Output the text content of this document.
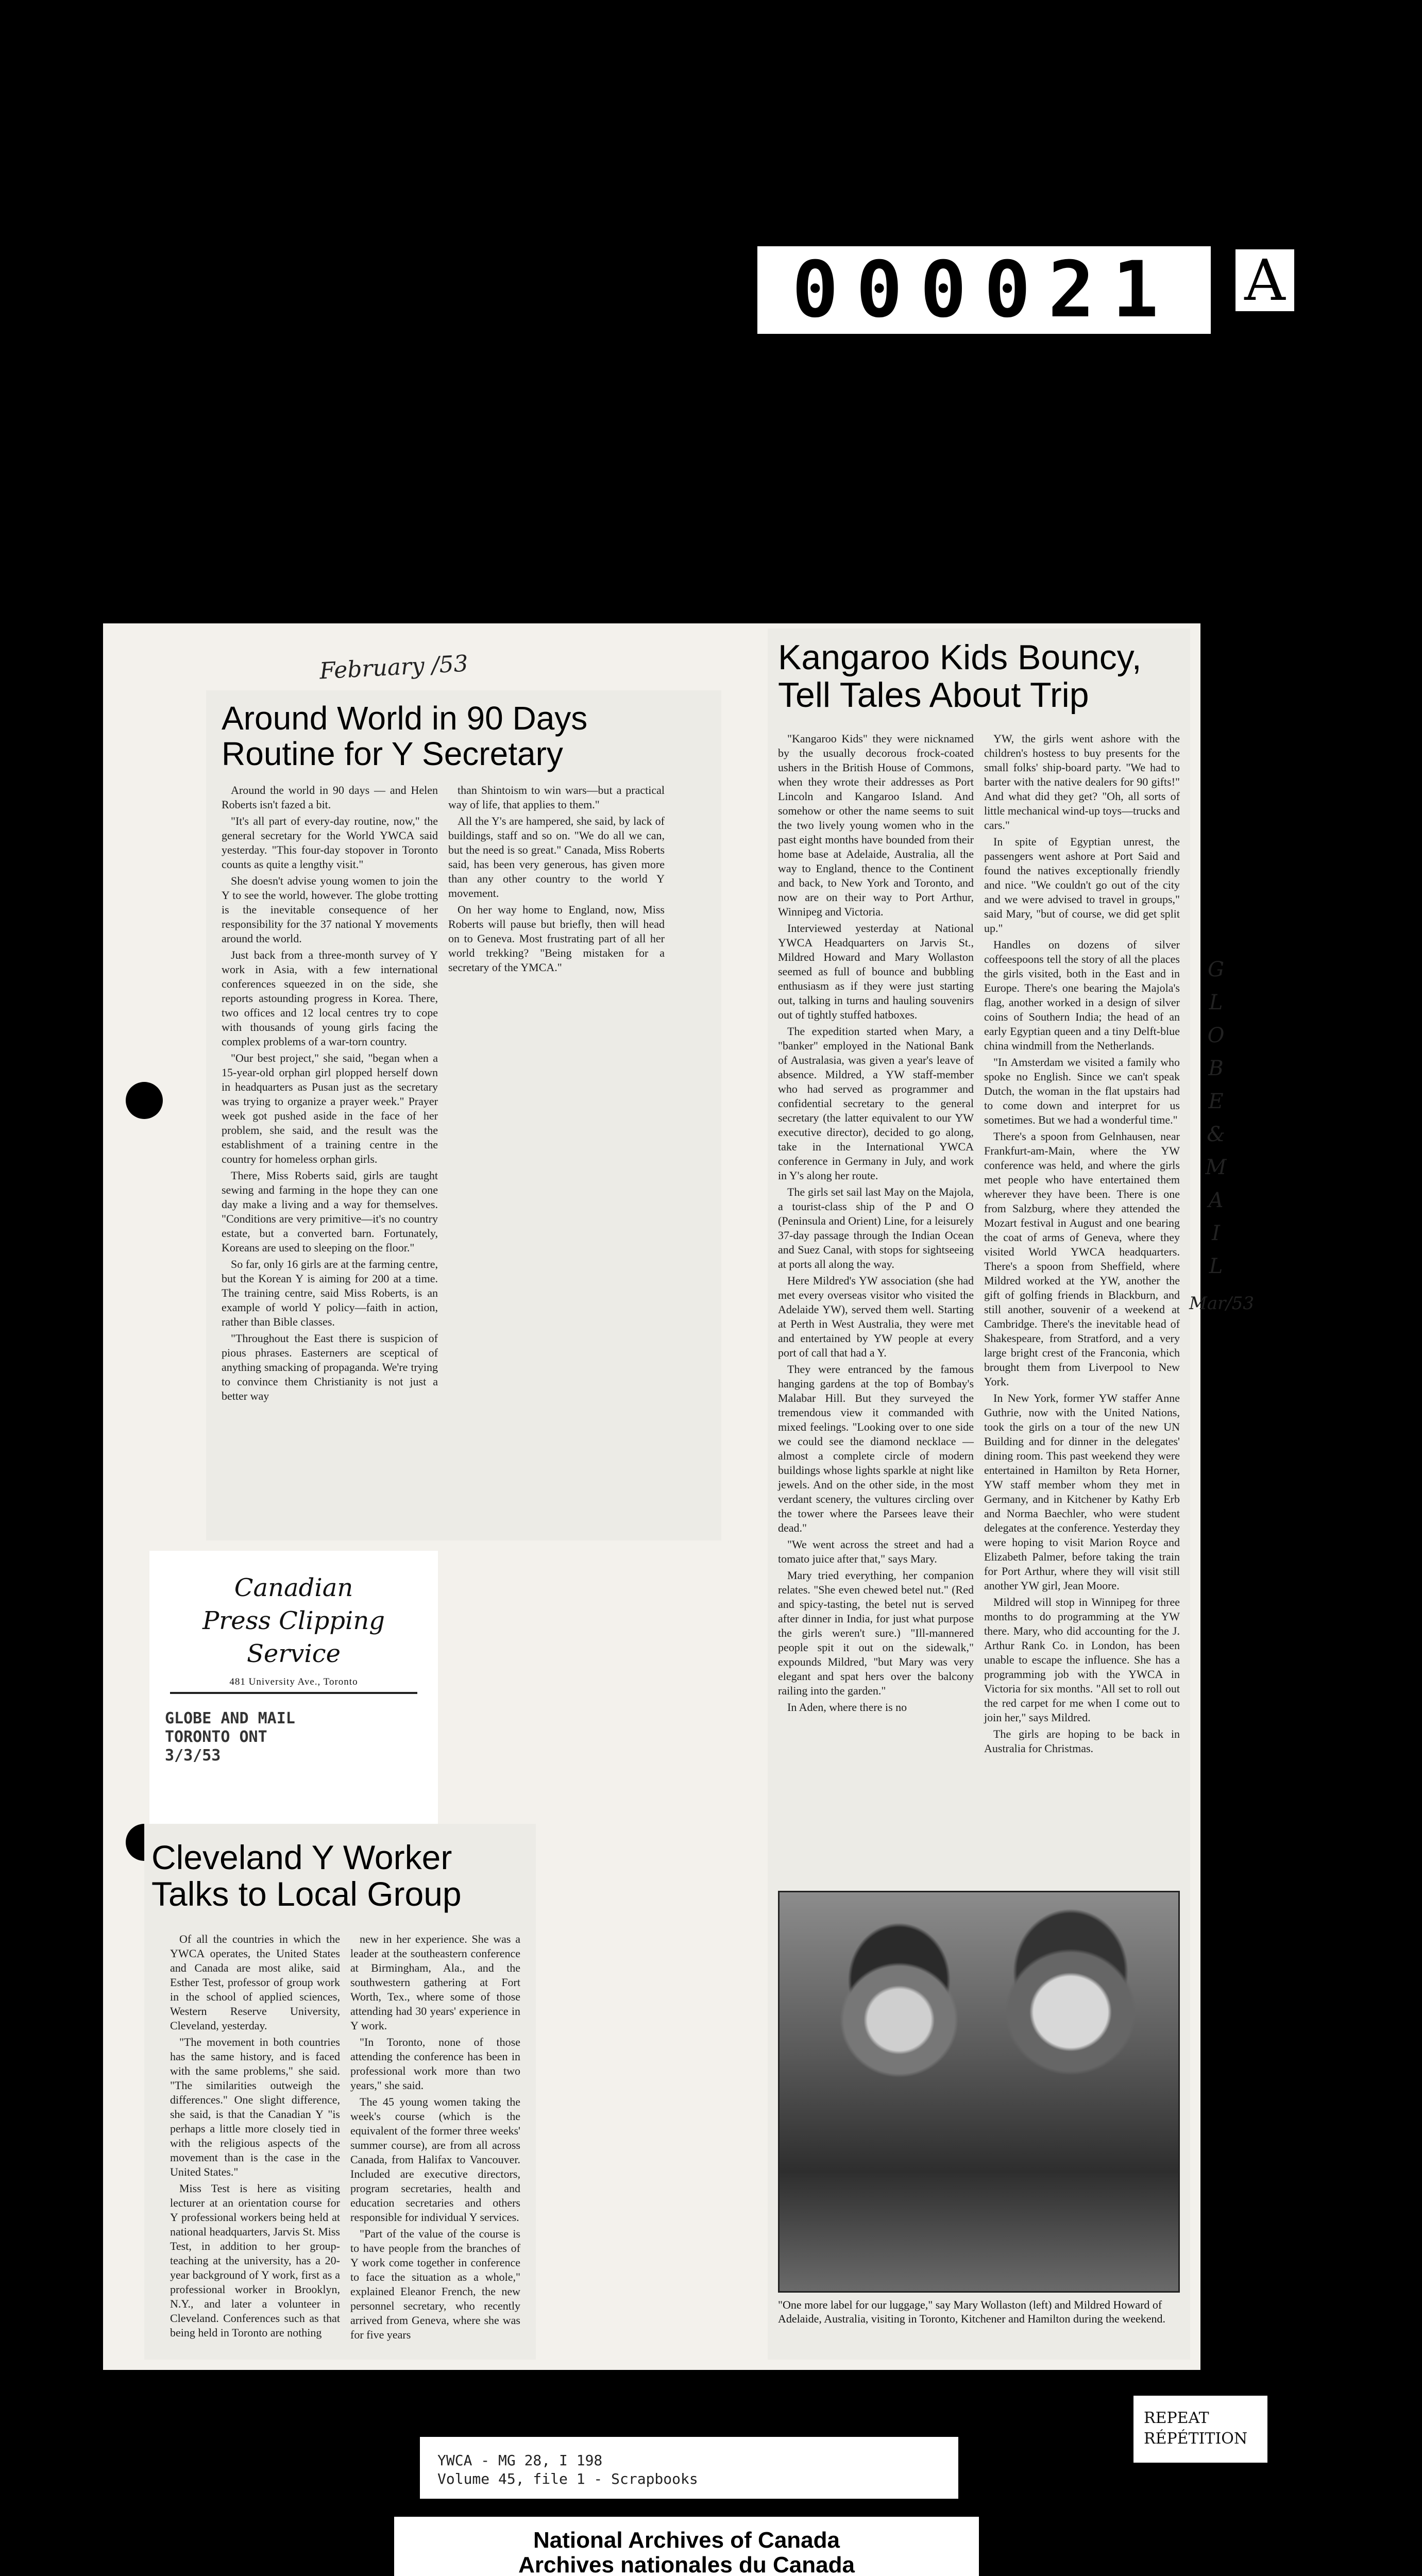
000021	A
February /53
Around World in 90 Days
Routine for Y Secretary

Around the world in 90 days — and Helen Roberts isn't fazed a bit.

"It's all part of every-day routine, now," the general secretary for the World YWCA said yesterday. "This four-day stopover in Toronto counts as quite a lengthy visit."

She doesn't advise young women to join the Y to see the world, however. The globe trotting is the inevitable consequence of her responsibility for the 37 national Y movements around the world.

Just back from a three-month survey of Y work in Asia, with a few international conferences squeezed in on the side, she reports astounding progress in Korea. There, two offices and 12 local centres try to cope with thousands of young girls facing the complex problems of a war-torn country.

"Our best project," she said, "began when a 15-year-old orphan girl plopped herself down in headquarters as Pusan just as the secretary was trying to organize a prayer week." Prayer week got pushed aside in the face of her problem, she said, and the result was the establishment of a training centre in the country for homeless orphan girls.

There, Miss Roberts said, girls are taught sewing and farming in the hope they can one day make a living and a way for themselves. "Conditions are very primitive—it's no country estate, but a converted barn. Fortunately, Koreans are used to sleeping on the floor."

So far, only 16 girls are at the farming centre, but the Korean Y is aiming for 200 at a time. The training centre, said Miss Roberts, is an example of world Y policy—faith in action, rather than Bible classes.

"Throughout the East there is suspicion of pious phrases. Easterners are sceptical of anything smacking of propaganda. We're trying to convince them Christianity is not just a better way

than Shintoism to win wars—but a practical way of life, that applies to them."

All the Y's are hampered, she said, by lack of buildings, staff and so on. "We do all we can, but the need is so great." Canada, Miss Roberts said, has been very generous, has given more than any other country to the world Y movement.

On her way home to England, now, Miss Roberts will pause but briefly, then will head on to Geneva. Most frustrating part of all her world trekking? "Being mistaken for a secretary of the YMCA."

Canadian
Press Clipping
Service
481 University Ave., Toronto
GLOBE AND MAIL
TORONTO ONT
3/3/53
Cleveland Y Worker
Talks to Local Group

Of all the countries in which the YWCA operates, the United States and Canada are most alike, said Esther Test, professor of group work in the school of applied sciences, Western Reserve University, Cleveland, yesterday.

"The movement in both countries has the same history, and is faced with the same problems," she said. "The similarities outweigh the differences." One slight difference, she said, is that the Canadian Y "is perhaps a little more closely tied in with the religious aspects of the movement than is the case in the United States."

Miss Test is here as visiting lecturer at an orientation course for Y professional workers being held at national headquarters, Jarvis St. Miss Test, in addition to her group-teaching at the university, has a 20-year background of Y work, first as a professional worker in Brooklyn, N.Y., and later a volunteer in Cleveland. Conferences such as that being held in Toronto are nothing

new in her experience. She was a leader at the southeastern conference at Birmingham, Ala., and the southwestern gathering at Fort Worth, Tex., where some of those attending had 30 years' experience in Y work.

"In Toronto, none of those attending the conference has been in professional work more than two years," she said.

The 45 young women taking the week's course (which is the equivalent of the former three weeks' summer course), are from all across Canada, from Halifax to Vancouver. Included are executive directors, program secretaries, health and education secretaries and others responsible for individual Y services.

"Part of the value of the course is to have people from the branches of Y work come together in conference to face the situation as a whole," explained Eleanor French, the new personnel secretary, who recently arrived from Geneva, where she was for five years

Kangaroo Kids Bouncy,
Tell Tales About Trip

"Kangaroo Kids" they were nicknamed by the usually decorous frock-coated ushers in the British House of Commons, when they wrote their addresses as Port Lincoln and Kangaroo Island. And somehow or other the name seems to suit the two lively young women who in the past eight months have bounded from their home base at Adelaide, Australia, all the way to England, thence to the Continent and back, to New York and Toronto, and now are on their way to Port Arthur, Winnipeg and Victoria.

Interviewed yesterday at National YWCA Headquarters on Jarvis St., Mildred Howard and Mary Wollaston seemed as full of bounce and bubbling enthusiasm as if they were just starting out, talking in turns and hauling souvenirs out of tightly stuffed hatboxes.

The expedition started when Mary, a "banker" employed in the National Bank of Australasia, was given a year's leave of absence. Mildred, a YW staff-member who had served as programmer and confidential secretary to the general secretary (the latter equivalent to our YW executive director), decided to go along, take in the International YWCA conference in Germany in July, and work in Y's along her route.

The girls set sail last May on the Majola, a tourist-class ship of the P and O (Peninsula and Orient) Line, for a leisurely 37-day passage through the Indian Ocean and Suez Canal, with stops for sightseeing at ports all along the way.

Here Mildred's YW association (she had met every overseas visitor who visited the Adelaide YW), served them well. Starting at Perth in West Australia, they were met and entertained by YW people at every port of call that had a Y.

They were entranced by the famous hanging gardens at the top of Bombay's Malabar Hill. But they surveyed the tremendous view it commanded with mixed feelings. "Looking over to one side we could see the diamond necklace — almost a complete circle of modern buildings whose lights sparkle at night like jewels. And on the other side, in the most verdant scenery, the vultures circling over the tower where the Parsees leave their dead."

"We went across the street and had a tomato juice after that," says Mary.

Mary tried everything, her companion relates. "She even chewed betel nut." (Red and spicy-tasting, the betel nut is served after dinner in India, for just what purpose the girls weren't sure.) "Ill-mannered people spit it out on the sidewalk," expounds Mildred, "but Mary was very elegant and spat hers over the balcony railing into the garden."

In Aden, where there is no

YW, the girls went ashore with the children's hostess to buy presents for the small folks' ship-board party. "We had to barter with the native dealers for 90 gifts!" And what did they get? "Oh, all sorts of little mechanical wind-up toys—trucks and cars."

In spite of Egyptian unrest, the passengers went ashore at Port Said and found the natives exceptionally friendly and nice. "We couldn't go out of the city and we were advised to travel in groups," said Mary, "but of course, we did get split up."

Handles on dozens of silver coffeespoons tell the story of all the places the girls visited, both in the East and in Europe. There's one bearing the Majola's flag, another worked in a design of silver coins of Southern India; the head of an early Egyptian queen and a tiny Delft-blue china windmill from the Netherlands.

"In Amsterdam we visited a family who spoke no English. Since we can't speak Dutch, the woman in the flat upstairs had to come down and interpret for us sometimes. But we had a wonderful time."

There's a spoon from Gelnhausen, near Frankfurt-am-Main, where the YW conference was held, and where the girls met people who have entertained them wherever they have been. There is one from Salzburg, where they attended the Mozart festival in August and one bearing the coat of arms of Geneva, where they visited World YWCA headquarters. There's a spoon from Sheffield, where Mildred worked at the YW, another the gift of golfing friends in Blackburn, and still another, souvenir of a weekend at Cambridge. There's the inevitable head of Shakespeare, from Stratford, and a very large bright crest of the Franconia, which brought them from Liverpool to New York.

In New York, former YW staffer Anne Guthrie, now with the United Nations, took the girls on a tour of the new UN Building and for dinner in the delegates' dining room. This past weekend they were entertained in Hamilton by Reta Horner, YW staff member whom they met in Germany, and in Kitchener by Kathy Erb and Norma Baechler, who were student delegates at the conference. Yesterday they were hoping to visit Marion Royce and Elizabeth Palmer, before taking the train for Port Arthur, where they will visit still another YW girl, Jean Moore.

Mildred will stop in Winnipeg for three months to do programming at the YW there. Mary, who did accounting for the J. Arthur Rank Co. in London, has been unable to escape the influence. She has a programming job with the YWCA in Victoria for six months. "All set to roll out the red carpet for me when I come out to join her," says Mildred.

The girls are hoping to be back in Australia for Christmas.

"One more label for our luggage," say Mary Wollaston (left) and Mildred Howard of Adelaide, Australia, visiting in Toronto, Kitchener and Hamilton during the weekend.
G
L
O
B
E
&
M
A
I
L
Mar/53
REPEAT
RÉPÉTITION
YWCA - MG 28, I 198
Volume 45, file 1 - Scrapbooks
National Archives of Canada
Archives nationales du Canada
